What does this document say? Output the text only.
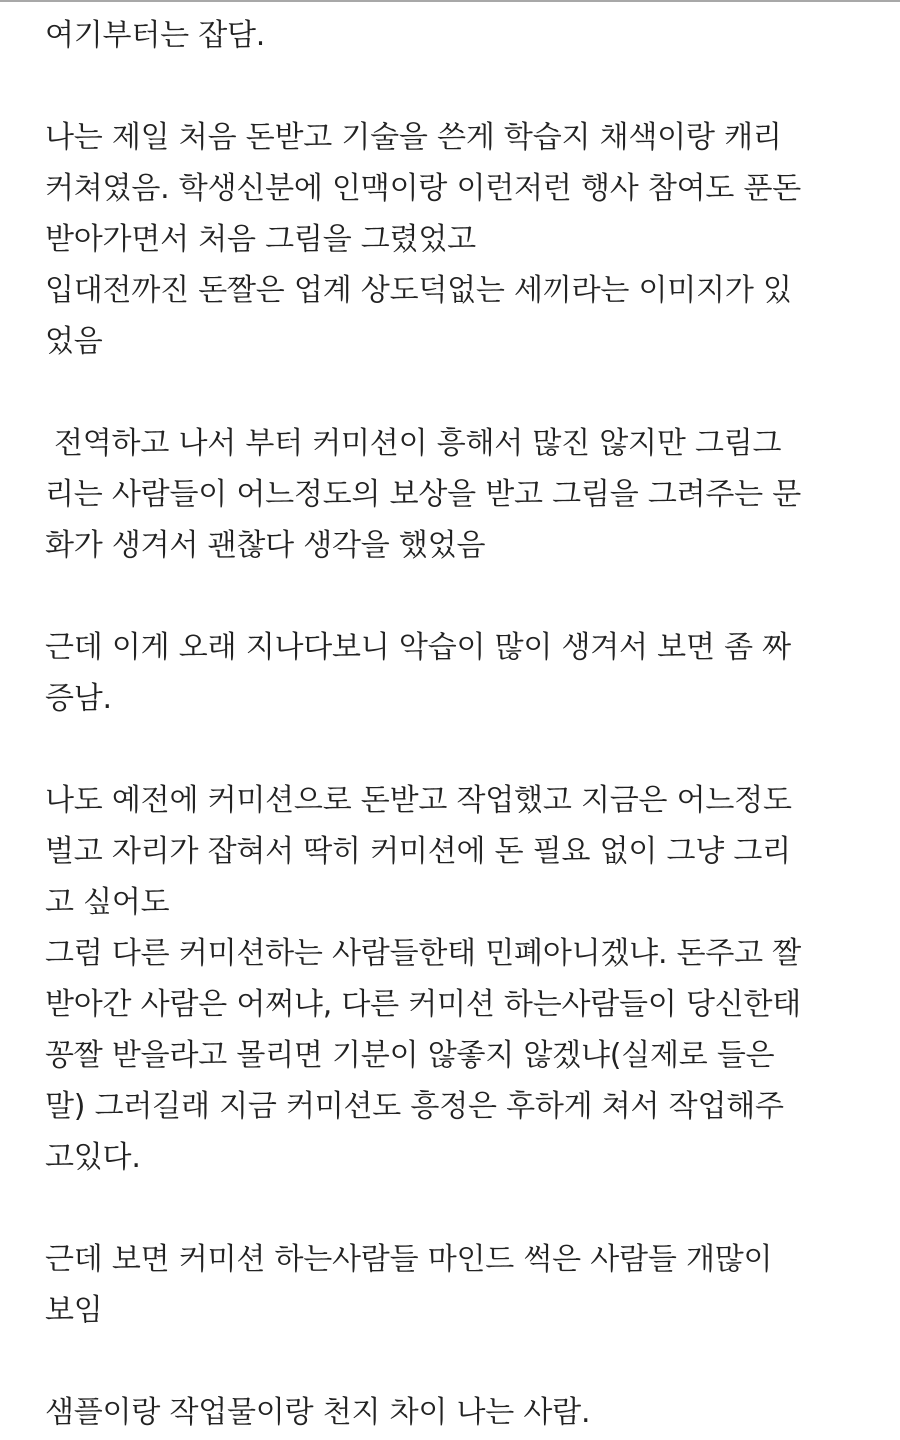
여기부터는 잡담.
나는 제일 처음 돈받고 기술을 쓴게 학습지 채색이랑 캐리
커쳐였음. 학생신분에 인맥이랑 이런저런 행사 참여도 푼돈
받아가면서 처음 그림을 그렸었고
입대전까진 돈짤은 업계 상도덕없는 세끼라는 이미지가 있
었음
전역하고 나서 부터 커미션이 흥해서 많진 않지만 그림그
리는 사람들이 어느정도의 보상을 받고 그림을 그려주는 문
화가 생겨서 괜찮다 생각을 했었음
근데 이게 오래 지나다보니 악습이 많이 생겨서 보면 좀 짜
증남.
나도 예전에 커미션으로 돈받고 작업했고 지금은 어느정도
벌고 자리가 잡혀서 딱히 커미션에 돈 필요 없이 그냥 그리
고 싶어도
그럼 다른 커미션하는 사람들한태 민폐아니겠냐. 돈주고 짤
받아간 사람은 어쩌냐, 다른 커미션 하는사람들이 당신한태
꽁짤 받을라고 몰리면 기분이 않좋지 않겠냐(실제로 들은
말) 그러길래 지금 커미션도 흥정은 후하게 쳐서 작업해주
고있다.
근데 보면 커미션 하는사람들 마인드 썩은 사람들 개많이
보임
샘플이랑 작업물이랑 천지 차이 나는 사람.
